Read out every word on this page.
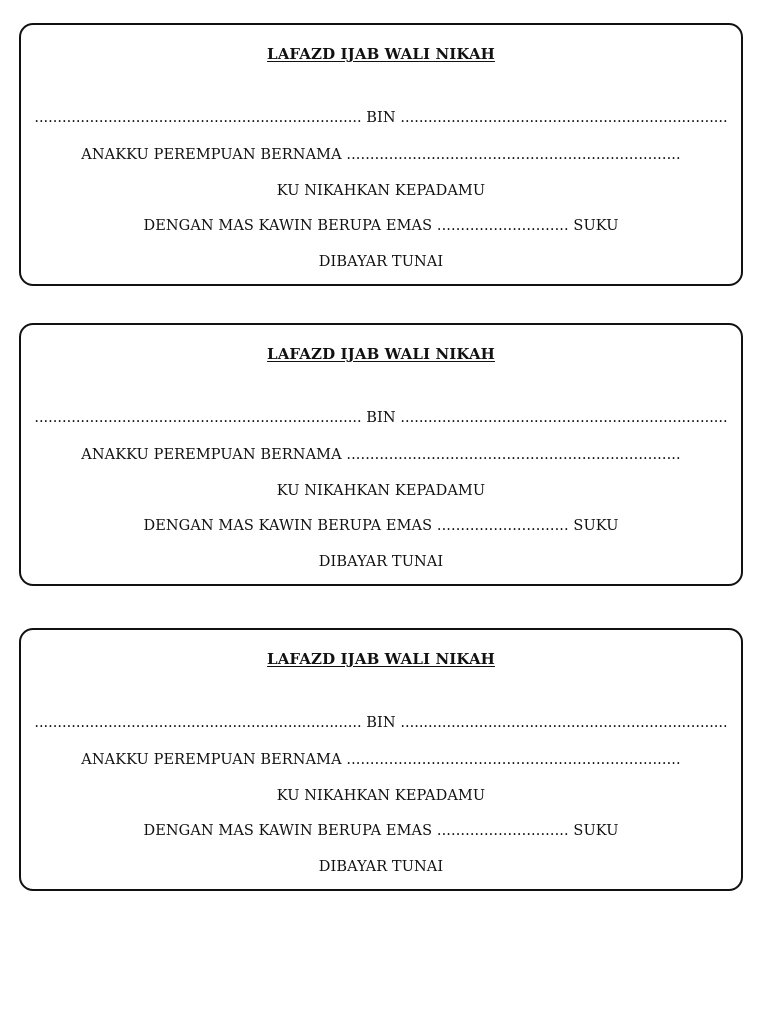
LAFAZD IJAB WALI NIKAH
....................................................................... BIN .......................................................................
ANAKKU PEREMPUAN BERNAMA .......................................................................
KU NIKAHKAN KEPADAMU
DENGAN MAS KAWIN BERUPA EMAS ............................ SUKU
DIBAYAR TUNAI
LAFAZD IJAB WALI NIKAH
....................................................................... BIN .......................................................................
ANAKKU PEREMPUAN BERNAMA .......................................................................
KU NIKAHKAN KEPADAMU
DENGAN MAS KAWIN BERUPA EMAS ............................ SUKU
DIBAYAR TUNAI
LAFAZD IJAB WALI NIKAH
....................................................................... BIN .......................................................................
ANAKKU PEREMPUAN BERNAMA .......................................................................
KU NIKAHKAN KEPADAMU
DENGAN MAS KAWIN BERUPA EMAS ............................ SUKU
DIBAYAR TUNAI
